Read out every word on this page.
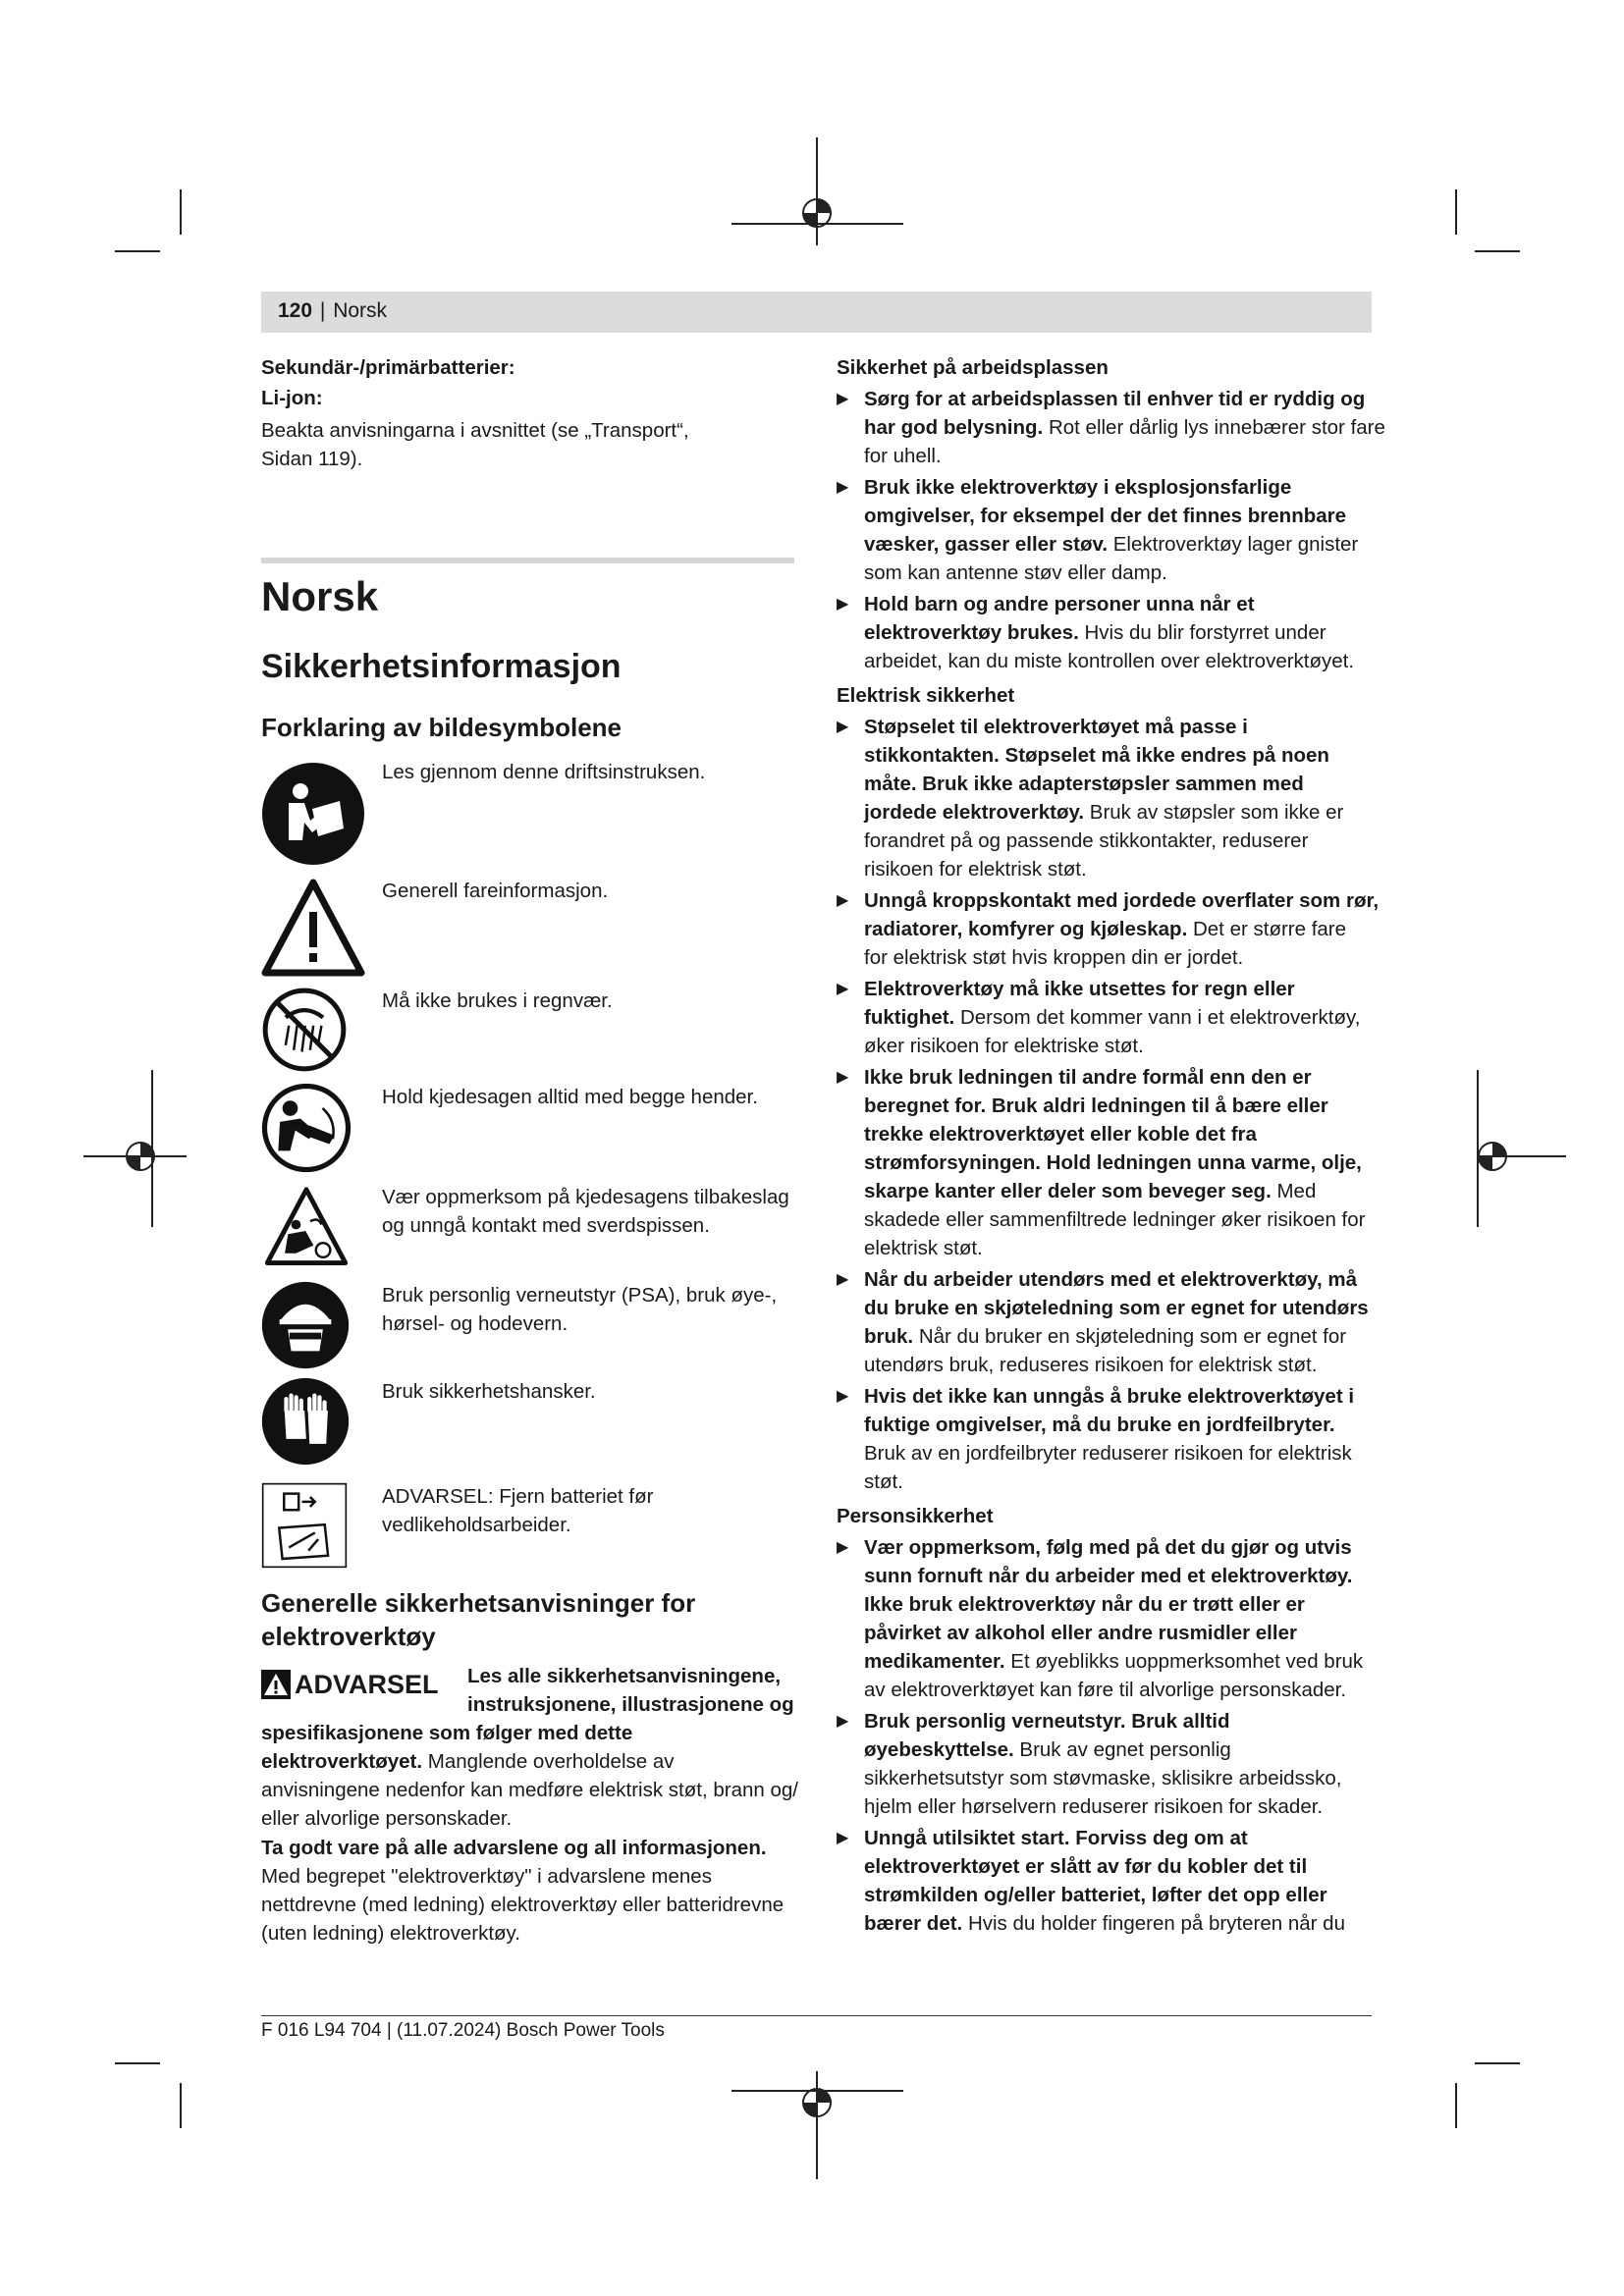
120 | Norsk

Sekundär-/primärbatterier:

Li-jon:

Beakta anvisningarna i avsnittet (se „Transport“,

Sidan 119).

Norsk
Sikkerhetsinformasjon
Forklaring av bildesymbolene
Les gjennom denne driftsinstruksen.
Generell fareinformasjon.
Må ikke brukes i regnvær.
Hold kjedesagen alltid med begge hender.
Vær oppmerksom på kjedesagens tilbakeslag
og unngå kontakt med sverdspissen.
Bruk personlig verneutstyr (PSA), bruk øye-,
hørsel- og hodevern.
Bruk sikkerhetshansker.
ADVARSEL: Fjern batteriet før
vedlikeholdsarbeider.
Generelle sikkerhetsanvisninger for
elektroverktøy
ADVARSEL Les alle sikkerhetsanvisningene,

instruksjonene, illustrasjonene og

spesifikasjonene som følger med dette

elektroverktøyet. Manglende overholdelse av

anvisningene nedenfor kan medføre elektrisk støt, brann og/

eller alvorlige personskader.

Ta godt vare på alle advarslene og all informasjonen.

Med begrepet "elektroverktøy" i advarslene menes

nettdrevne (med ledning) elektroverktøy eller batteridrevne

(uten ledning) elektroverktøy.

Sikkerhet på arbeidsplassen

▶ Sørg for at arbeidsplassen til enhver tid er ryddig og
har god belysning. Rot eller dårlig lys innebærer stor fare
for uhell.
▶ Bruk ikke elektroverktøy i eksplosjonsfarlige
omgivelser, for eksempel der det finnes brennbare
væsker, gasser eller støv. Elektroverktøy lager gnister
som kan antenne støv eller damp.
▶ Hold barn og andre personer unna når et
elektroverktøy brukes. Hvis du blir forstyrret under
arbeidet, kan du miste kontrollen over elektroverktøyet.

Elektrisk sikkerhet

▶ Støpselet til elektroverktøyet må passe i
stikkontakten. Støpselet må ikke endres på noen
måte. Bruk ikke adapterstøpsler sammen med
jordede elektroverktøy. Bruk av støpsler som ikke er
forandret på og passende stikkontakter, reduserer
risikoen for elektrisk støt.
▶ Unngå kroppskontakt med jordede overflater som rør,
radiatorer, komfyrer og kjøleskap. Det er større fare
for elektrisk støt hvis kroppen din er jordet.
▶ Elektroverktøy må ikke utsettes for regn eller
fuktighet. Dersom det kommer vann i et elektroverktøy,
øker risikoen for elektriske støt.
▶ Ikke bruk ledningen til andre formål enn den er
beregnet for. Bruk aldri ledningen til å bære eller
trekke elektroverktøyet eller koble det fra
strømforsyningen. Hold ledningen unna varme, olje,
skarpe kanter eller deler som beveger seg. Med
skadede eller sammenfiltrede ledninger øker risikoen for
elektrisk støt.
▶ Når du arbeider utendørs med et elektroverktøy, må
du bruke en skjøteledning som er egnet for utendørs
bruk. Når du bruker en skjøteledning som er egnet for
utendørs bruk, reduseres risikoen for elektrisk støt.
▶ Hvis det ikke kan unngås å bruke elektroverktøyet i
fuktige omgivelser, må du bruke en jordfeilbryter.
Bruk av en jordfeilbryter reduserer risikoen for elektrisk
støt.

Personsikkerhet

▶ Vær oppmerksom, følg med på det du gjør og utvis
sunn fornuft når du arbeider med et elektroverktøy.
Ikke bruk elektroverktøy når du er trøtt eller er
påvirket av alkohol eller andre rusmidler eller
medikamenter. Et øyeblikks uoppmerksomhet ved bruk
av elektroverktøyet kan føre til alvorlige personskader.
▶ Bruk personlig verneutstyr. Bruk alltid
øyebeskyttelse. Bruk av egnet personlig
sikkerhetsutstyr som støvmaske, sklisikre arbeidssko,
hjelm eller hørselvern reduserer risikoen for skader.
▶ Unngå utilsiktet start. Forviss deg om at
elektroverktøyet er slått av før du kobler det til
strømkilden og/eller batteriet, løfter det opp eller
bærer det. Hvis du holder fingeren på bryteren når du
F 016 L94 704 | (11.07.2024) Bosch Power Tools
